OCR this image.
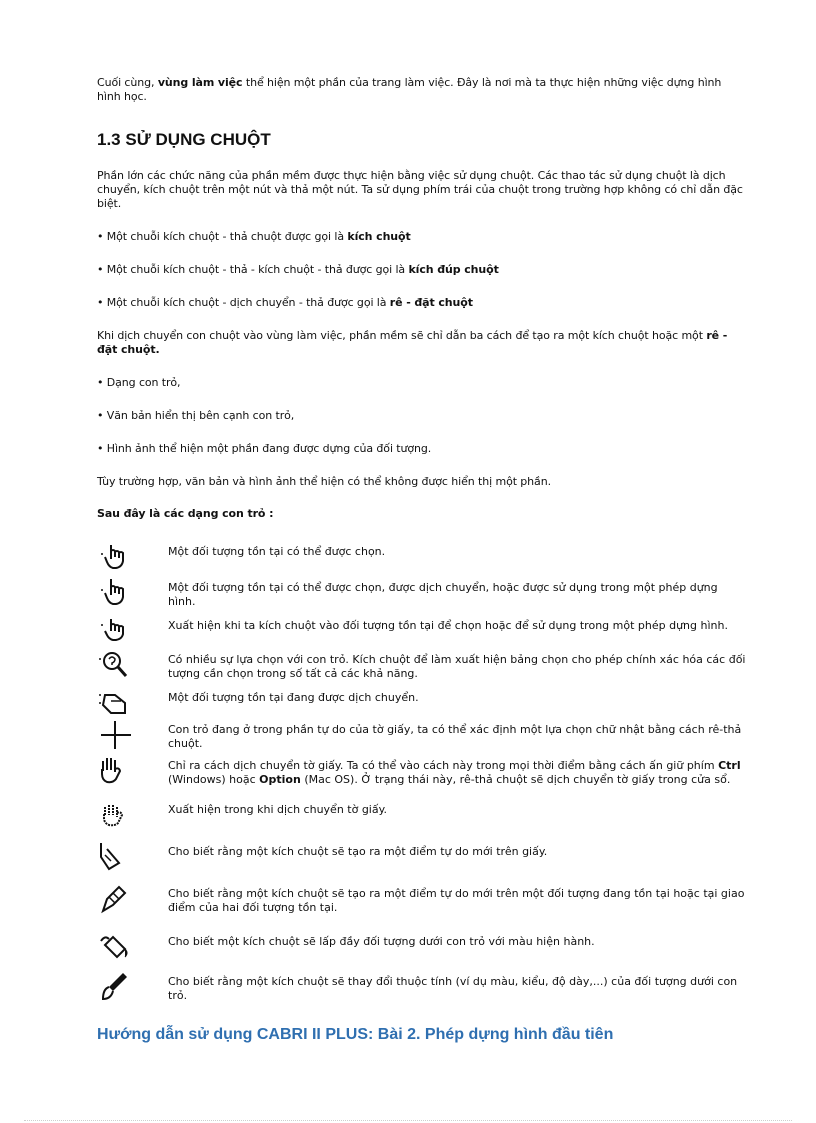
Cuối cùng, vùng làm việc thể hiện một phần của trang làm việc. Đây là nơi mà ta thực hiện những việc dựng hình hình học.

1.3 SỬ DỤNG CHUỘT

Phần lớn các chức năng của phần mềm được thực hiện bằng việc sử dụng chuột. Các thao tác sử dụng chuột là dịch chuyển, kích chuột trên một nút và thả một nút. Ta sử dụng phím trái của chuột trong trường hợp không có chỉ dẫn đặc biệt.

• Một chuỗi kích chuột - thả chuột được gọi là kích chuột

• Một chuỗi kích chuột - thả - kích chuột - thả được gọi là kích đúp chuột

• Một chuỗi kích chuột - dịch chuyển - thả được gọi là rê - đặt chuột

Khi dịch chuyển con chuột vào vùng làm việc, phần mềm sẽ chỉ dẫn ba cách để tạo ra một kích chuột hoặc một rê - đặt chuột.

• Dạng con trỏ,

• Văn bản hiển thị bên cạnh con trỏ,

• Hình ảnh thể hiện một phần đang được dựng của đối tượng.

Tùy trường hợp, văn bản và hình ảnh thể hiện có thể không được hiển thị một phần.

Sau đây là các dạng con trỏ :

Một đối tượng tồn tại có thể được chọn.
Một đối tượng tồn tại có thể được chọn, được dịch chuyển, hoặc được sử dụng trong một phép dựng hình.
Xuất hiện khi ta kích chuột vào đối tượng tồn tại để chọn hoặc để sử dụng trong một phép dựng hình.
Có nhiều sự lựa chọn với con trỏ. Kích chuột để làm xuất hiện bảng chọn cho phép chính xác hóa các đối tượng cần chọn trong số tất cả các khả năng.
Một đối tượng tồn tại đang được dịch chuyển.
Con trỏ đang ở trong phần tự do của tờ giấy, ta có thể xác định một lựa chọn chữ nhật bằng cách rê-thả chuột.
Chỉ ra cách dịch chuyển tờ giấy. Ta có thể vào cách này trong mọi thời điểm bằng cách ấn giữ phím Ctrl (Windows) hoặc Option (Mac OS). Ở trạng thái này, rê-thả chuột sẽ dịch chuyển tờ giấy trong cửa sổ.
Xuất hiện trong khi dịch chuyển tờ giấy.
Cho biết rằng một kích chuột sẽ tạo ra một điểm tự do mới trên giấy.
Cho biết rằng một kích chuột sẽ tạo ra một điểm tự do mới trên một đối tượng đang tồn tại hoặc tại giao điểm của hai đối tượng tồn tại.
Cho biết một kích chuột sẽ lấp đầy đối tượng dưới con trỏ với màu hiện hành.
Cho biết rằng một kích chuột sẽ thay đổi thuộc tính (ví dụ màu, kiểu, độ dày,...) của đối tượng dưới con trỏ.
Hướng dẫn sử dụng CABRI II PLUS: Bài 2. Phép dựng hình đầu tiên
